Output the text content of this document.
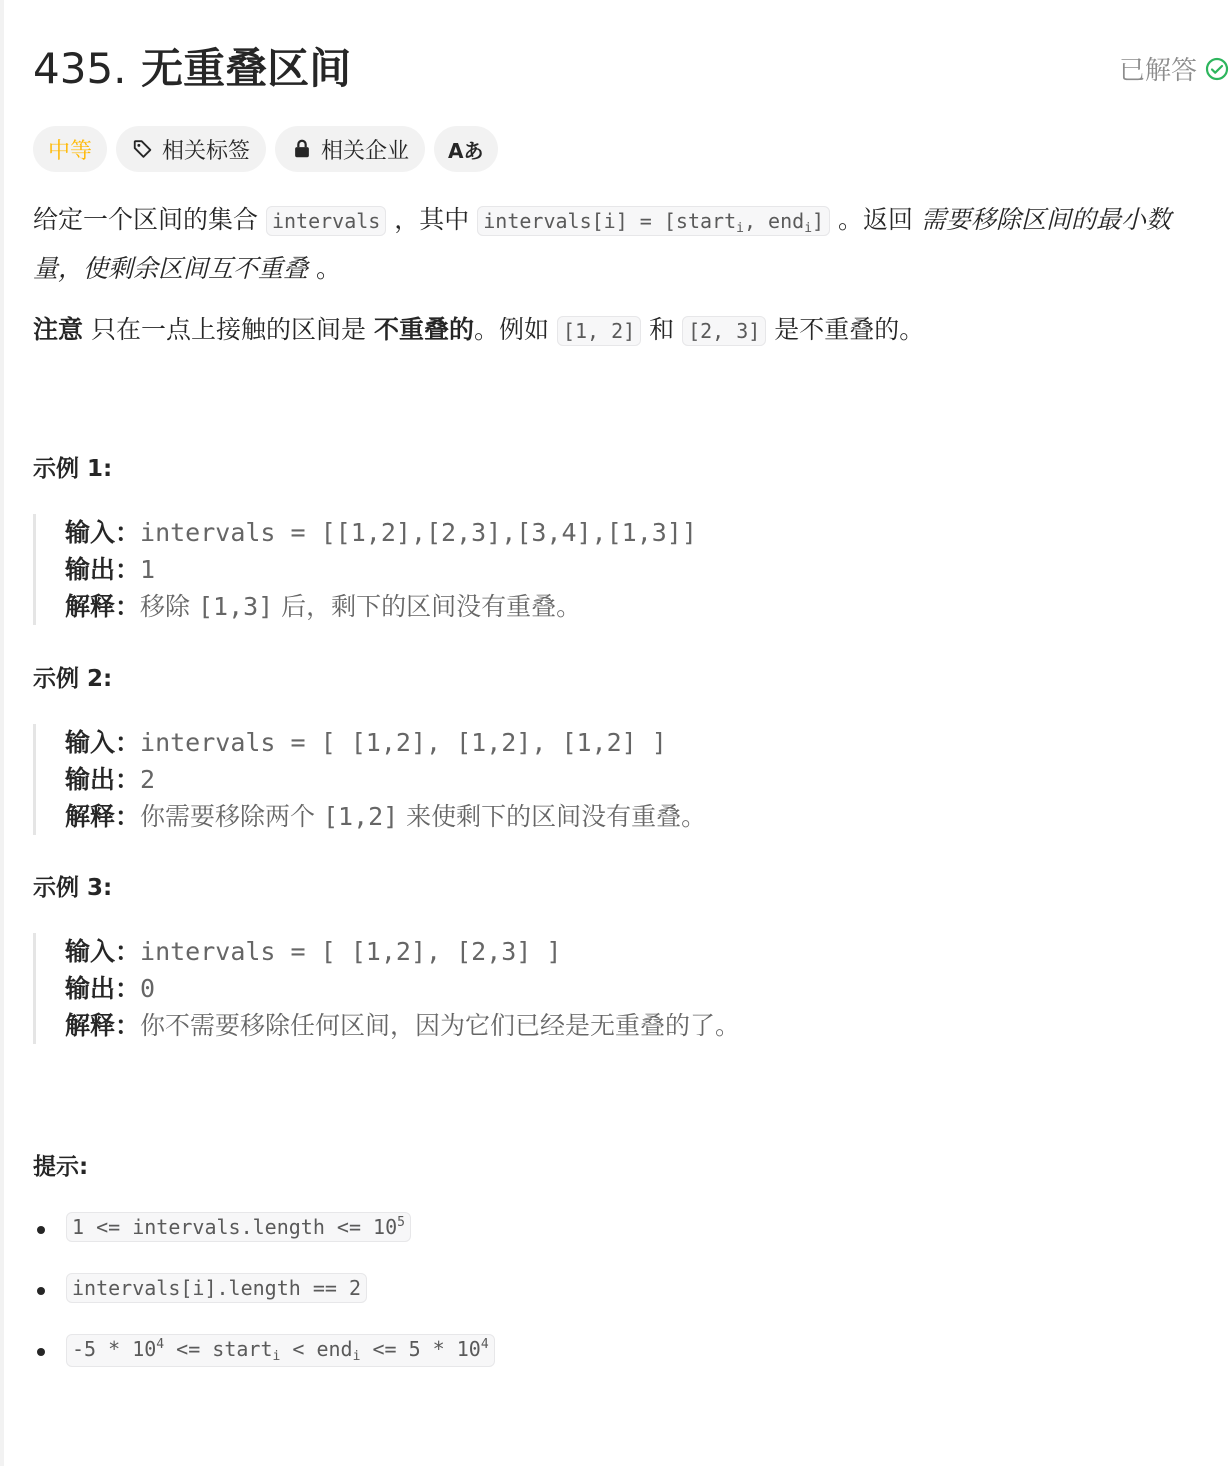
435. 无重叠区间	已解答
中等	相关标签	相关企业 Aあ

给定一个区间的集合 intervals ，其中 intervals[i] = [start$_i$, end$_i$] 。返回 需要移除区间的最小数量，使剩余区间互不重叠 。

注意 只在一点上接触的区间是 不重叠的。例如 [1, 2] 和 [2, 3] 是不重叠的。
示例 1:
输入：intervals = [[1,2],[2,3],[3,4],[1,3]]
输出：1
解释：移除 [1,3] 后，剩下的区间没有重叠。
示例 2:
输入：intervals = [ [1,2], [1,2], [1,2] ]
输出：2
解释：你需要移除两个 [1,2] 来使剩下的区间没有重叠。
示例 3:
输入：intervals = [ [1,2], [2,3] ]
输出：0
解释：你不需要移除任何区间，因为它们已经是无重叠的了。
提示:
1 <= intervals.length <= $10^5$
intervals[i].length == 2
$-5 * 10^4$ <= start$_i$ < $end_i <= 5 * 10^4$
